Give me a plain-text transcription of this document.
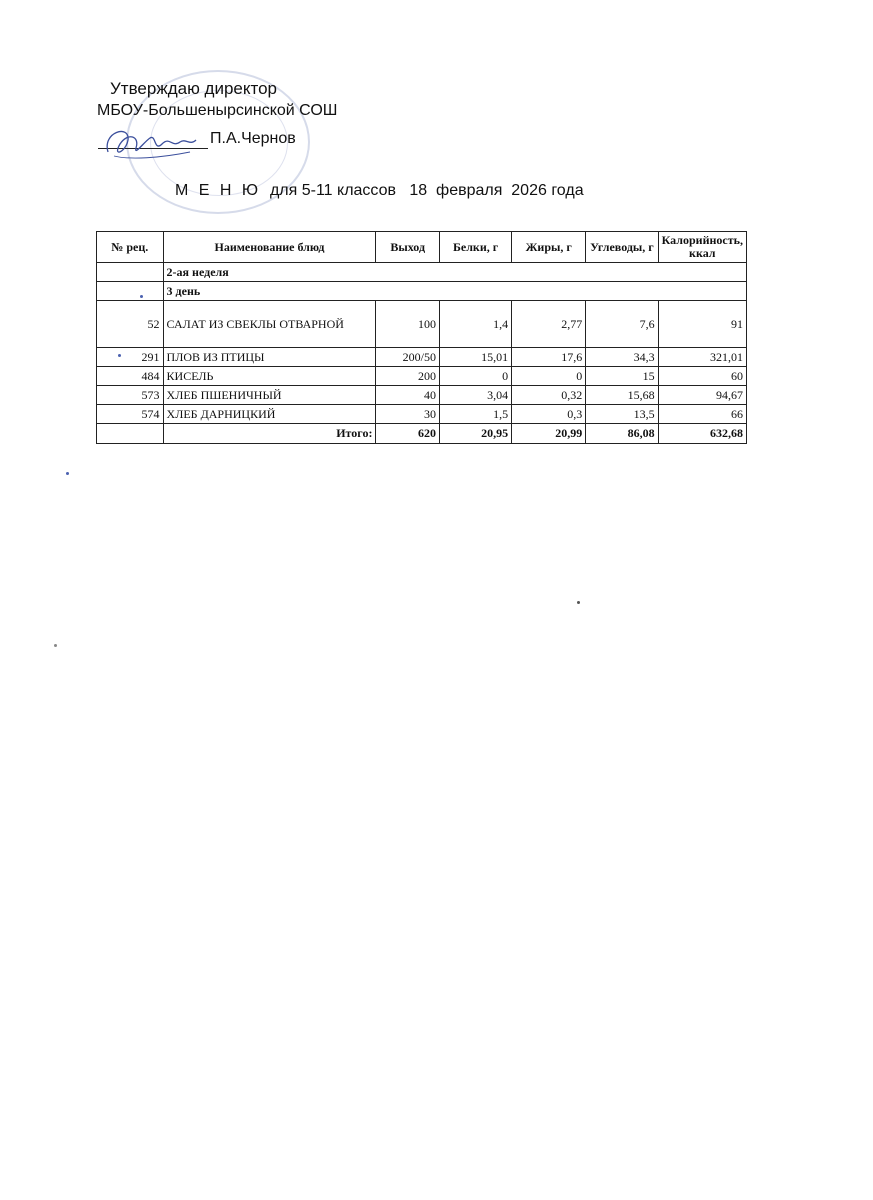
Утверждаю директор
МБОУ-Большенырсинской СОШ
П.А.Чернов
М Е Н Ю  для 5-11 классов   18  февраля  2026 года
№ рец.	Наименование блюд	Выход	Белки, г	Жиры, г	Углеводы, г	Калорийность, ккал
	2-ая неделя					
	3 день					
52	САЛАТ ИЗ СВЕКЛЫ ОТВАРНОЙ	100	1,4	2,77	7,6	91
291	ПЛОВ ИЗ ПТИЦЫ	200/50	15,01	17,6	34,3	321,01
484	КИСЕЛЬ	200	0	0	15	60
573	ХЛЕБ ПШЕНИЧНЫЙ	40	3,04	0,32	15,68	94,67
574	ХЛЕБ ДАРНИЦКИЙ	30	1,5	0,3	13,5	66
	Итого:	620	20,95	20,99	86,08	632,68
